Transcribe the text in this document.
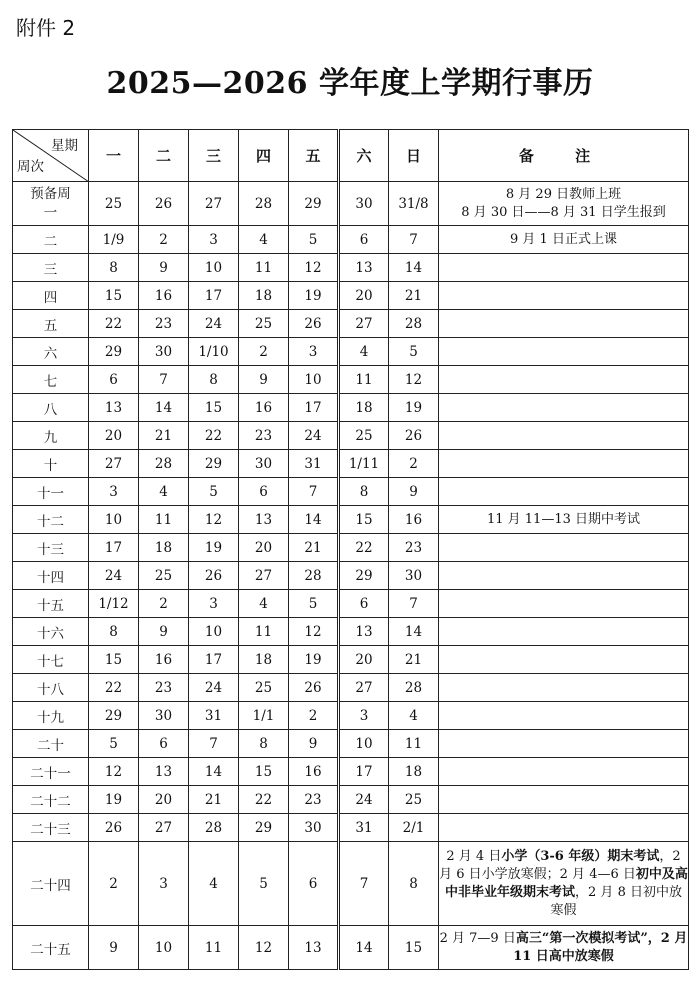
附件 2
2025—2026 学年度上学期行事历
星期
周次	一	二	三	四	五	六	日	备 注
预备周一	25	26	27	28	29	30	31/8	8 月 29 日教师上班
8 月 30 日——8 月 31 日学生报到

二	1/9	2	3	4	5	6	7	9 月 1 日正式上课
三	8	9	10	11	12	13	14	
四	15	16	17	18	19	20	21	
五	22	23	24	25	26	27	28	
六	29	30	1/10	2	3	4	5	
七	6	7	8	9	10	11	12	
八	13	14	15	16	17	18	19	
九	20	21	22	23	24	25	26	
十	27	28	29	30	31	1/11	2	
十一	3	4	5	6	7	8	9	
十二	10	11	12	13	14	15	16	11 月 11—13 日期中考试
十三	17	18	19	20	21	22	23	
十四	24	25	26	27	28	29	30	
十五	1/12	2	3	4	5	6	7	
十六	8	9	10	11	12	13	14	
十七	15	16	17	18	19	20	21	
十八	22	23	24	25	26	27	28	
十九	29	30	31	1/1	2	3	4	
二十	5	6	7	8	9	10	11	
二十一	12	13	14	15	16	17	18	
二十二	19	20	21	22	23	24	25	
二十三	26	27	28	29	30	31	2/1	
二十四	2	3	4	5	6	7	8	2 月 4 日小学（3-6 年级）期末考试，2 月 6 日小学放寒假；2 月 4—6 日初中及高中非毕业年级期末考试，2 月 8 日初中放寒假
二十五	9	10	11	12	13	14	15	2 月 7—9 日高三“第一次模拟考试”，2 月 11 日高中放寒假
